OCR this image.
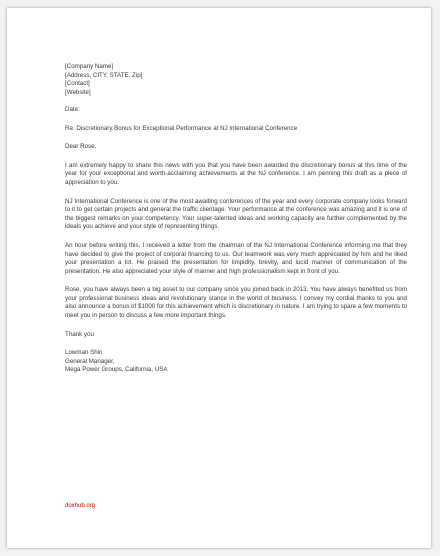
[Company Name]
[Address, CITY, STATE, Zip]
[Contact]
[Website]
Date:
Re. Discretionary Bonus for Exceptional Performance at NJ International Conference
Dear Rose,

I am extremely happy to share this news with you that you have been awarded the discretionary bonus at this time of the year for your exceptional and worth-acclaiming achievements at the NJ conference. I am penning this draft as a piece of appreciation to you.

NJ International Conference is one of the most awaiting conferences of the year and every corporate company looks forward to it to get certain projects and general the traffic clientage. Your performance at the conference was amazing and it is one of the biggest remarks on your competency. Your super-talented ideas and working capacity are further complemented by the ideals you achieve and your style of representing things.

An hour before writing this, I received a letter from the chairman of the NJ International Conference informing me that they have decided to give the project of corporal financing to us. Our teamwork was very much appreciated by him and he liked your presentation a lot. He praised the presentation for limpidity, brevity, and lucid manner of communication of the presentation. He also appreciated your style of manner and high professionalism kept in front of you.

Rose, you have always been a big asset to our company since you joined back in 2013. You have always benefited us from your professional business ideas and revolutionary stance in the world of business. I convey my cordial thanks to you and also announce a bonus of $1000 for this achievement which is discretionary in nature. I am trying to spare a few moments to meet you in person to discuss a few more important things.

Thank you
Lowman Shin
General Manager,
Mega Power Groups, California, USA
doxhub.org
